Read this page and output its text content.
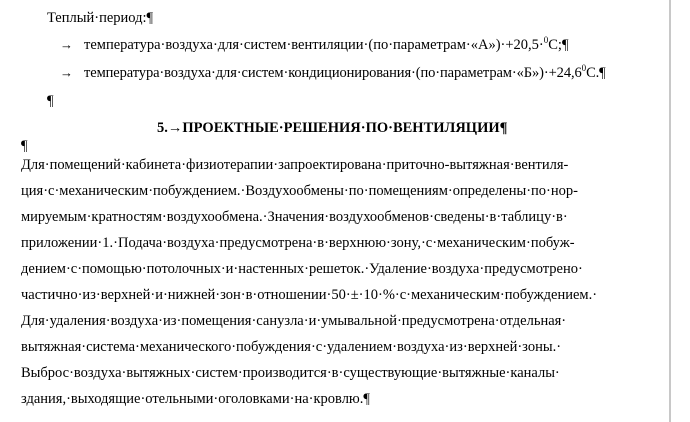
Теплый·период:¶
→ температура·воздуха·для·систем·вентиляции·(по·параметрам·«А»)·+20,5·$^0$С;¶
→ $температура\cdot воздуха\cdot для\cdot систем\cdot кондиционирования\cdot(по\cdot параметрам\cdot«Б»)\cdot+24,6^0С.\P$
¶
5.→ПРОЕКТНЫЕ·РЕШЕНИЯ·ПО·ВЕНТИЛЯЦИИ¶
¶
Для·помещений·кабинета·физиотерапии·запроектирована·приточно-вытяжная·вентиля-
ция·с·механическим·побуждением.·Воздухообмены·по·помещениям·определены·по·нор-
мируемым·кратностям·воздухообмена.·Значения·воздухообменов·сведены·в·таблицу·в·
приложении·1.·Подача·воздуха·предусмотрена·в·верхнюю·зону,·с·механическим·побуж-
дением·с·помощью·потолочных·и·настенных·решеток.·Удаление·воздуха·предусмотрено·
частично·из·верхней·и·нижней·зон·в·отношении·50·±·10·%·с·механическим·побуждением.·
Для·удаления·воздуха·из·помещения·санузла·и·умывальной·предусмотрена·отдельная·
вытяжная·система·механического·побуждения·с·удалением·воздуха·из·верхней·зоны.·
Выброс·воздуха·вытяжных·систем·производится·в·существующие·вытяжные·каналы·
здания,·выходящие·отельными·оголовками·на·кровлю.¶
